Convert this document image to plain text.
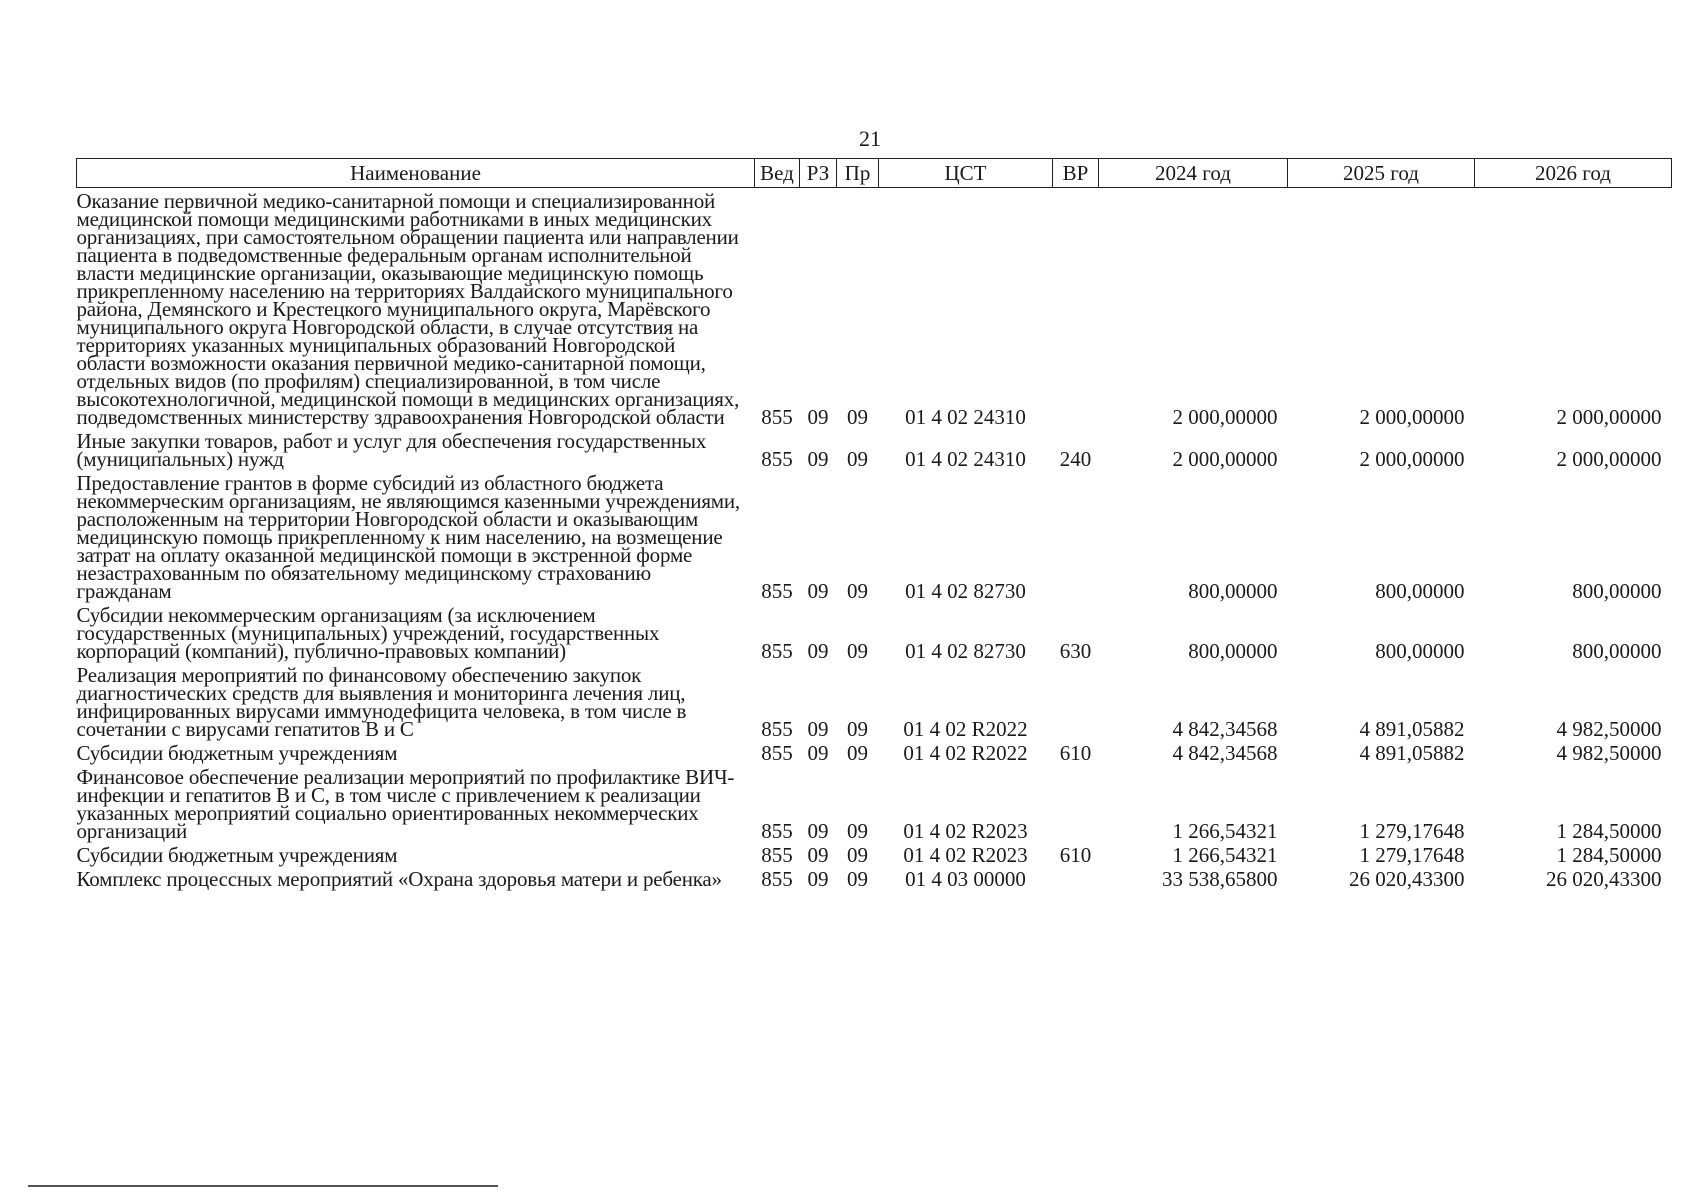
21
Наименование	Вед	РЗ	Пр	ЦСТ	ВР	2024 год	2025 год	2026 год
Оказание первичной медико-санитарной помощи и специализированной медицинской помощи медицинскими работниками в иных медицинских организациях, при самостоятельном обращении пациента или направлении пациента в подведомственные федеральным органам исполнительной власти медицинские организации, оказывающие медицинскую помощь прикрепленному населению на территориях Валдайского муниципального района, Демянского и Крестецкого муниципального округа, Марёвского муниципального округа Новгородской области, в случае отсутствия на территориях указанных муниципальных образований Новгородской области возможности оказания первичной медико-санитарной помощи, отдельных видов (по профилям) специализированной, в том числе высокотехнологичной, медицинской помощи в медицинских организациях, подведомственных министерству здравоохранения Новгородской области	855	09	09	01 4 02 24310		2 000,00000	2 000,00000	2 000,00000
Иные закупки товаров, работ и услуг для обеспечения государственных (муниципальных) нужд	855	09	09	01 4 02 24310	240	2 000,00000	2 000,00000	2 000,00000
Предоставление грантов в форме субсидий из областного бюджета некоммерческим организациям, не являющимся казенными учреждениями, расположенным на территории Новгородской области и оказывающим медицинскую помощь прикрепленному к ним населению, на возмещение затрат на оплату оказанной медицинской помощи в экстренной форме незастрахованным по обязательному медицинскому страхованию гражданам	855	09	09	01 4 02 82730		800,00000	800,00000	800,00000
Субсидии некоммерческим организациям (за исключением государственных (муниципальных) учреждений, государственных корпораций (компаний), публично-правовых компаний)	855	09	09	01 4 02 82730	630	800,00000	800,00000	800,00000
Реализация мероприятий по финансовому обеспечению закупок диагностических средств для выявления и мониторинга лечения лиц, инфицированных вирусами иммунодефицита человека, в том числе в сочетании с вирусами гепатитов В и С	855	09	09	01 4 02 R2022		4 842,34568	4 891,05882	4 982,50000
Субсидии бюджетным учреждениям	855	09	09	01 4 02 R2022	610	4 842,34568	4 891,05882	4 982,50000
Финансовое обеспечение реализации мероприятий по профилактике ВИЧ-инфекции и гепатитов В и С, в том числе с привлечением к реализации указанных мероприятий социально ориентированных некоммерческих организаций	855	09	09	01 4 02 R2023		1 266,54321	1 279,17648	1 284,50000
Субсидии бюджетным учреждениям	855	09	09	01 4 02 R2023	610	1 266,54321	1 279,17648	1 284,50000
Комплекс процессных мероприятий «Охрана здоровья матери и ребенка»	855	09	09	01 4 03 00000		33 538,65800	26 020,43300	26 020,43300
